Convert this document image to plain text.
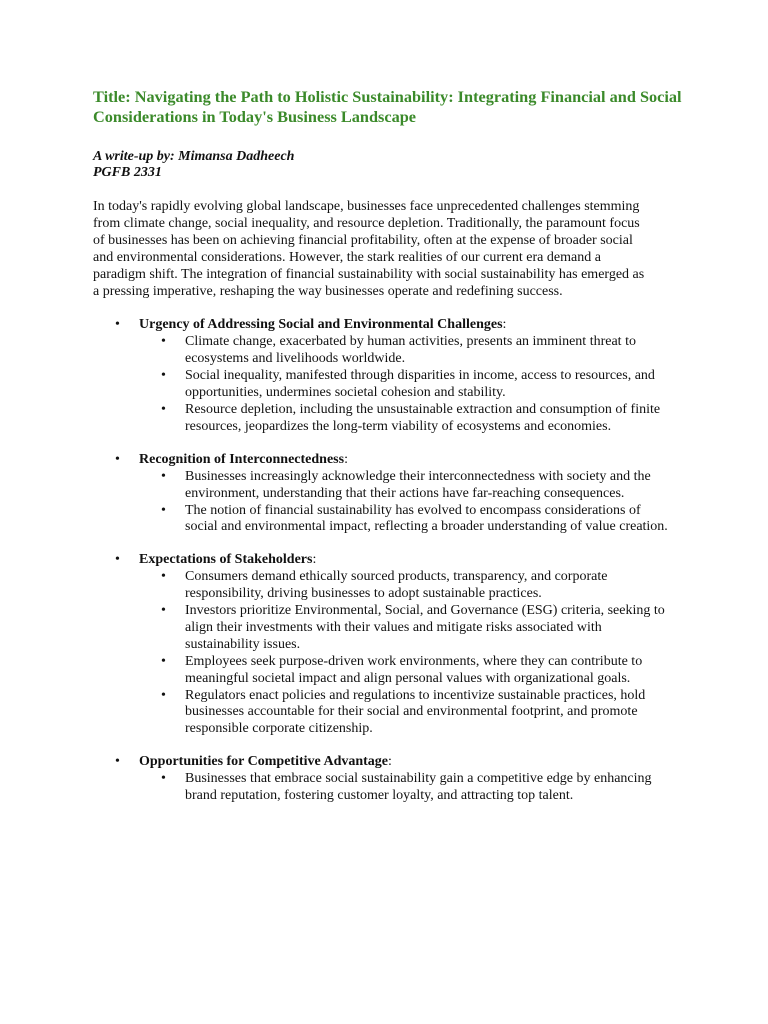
Title: Navigating the Path to Holistic Sustainability: Integrating Financial and Social Considerations in Today's Business Landscape
A write-up by: Mimansa Dadheech
PGFB 2331

In today's rapidly evolving global landscape, businesses face unprecedented challenges stemming from climate change, social inequality, and resource depletion. Traditionally, the paramount focus of businesses has been on achieving financial profitability, often at the expense of broader social and environmental considerations. However, the stark realities of our current era demand a paradigm shift. The integration of financial sustainability with social sustainability has emerged as a pressing imperative, reshaping the way businesses operate and redefining success.

• Urgency of Addressing Social and Environmental Challenges:
• Climate change, exacerbated by human activities, presents an imminent threat to ecosystems and livelihoods worldwide.
• Social inequality, manifested through disparities in income, access to resources, and opportunities, undermines societal cohesion and stability.
• Resource depletion, including the unsustainable extraction and consumption of finite resources, jeopardizes the long-term viability of ecosystems and economies.
• Recognition of Interconnectedness:
• Businesses increasingly acknowledge their interconnectedness with society and the environment, understanding that their actions have far-reaching consequences.
• The notion of financial sustainability has evolved to encompass considerations of social and environmental impact, reflecting a broader understanding of value creation.
• Expectations of Stakeholders:
• Consumers demand ethically sourced products, transparency, and corporate responsibility, driving businesses to adopt sustainable practices.
• Investors prioritize Environmental, Social, and Governance (ESG) criteria, seeking to align their investments with their values and mitigate risks associated with sustainability issues.
• Employees seek purpose-driven work environments, where they can contribute to meaningful societal impact and align personal values with organizational goals.
• Regulators enact policies and regulations to incentivize sustainable practices, hold businesses accountable for their social and environmental footprint, and promote responsible corporate citizenship.
• Opportunities for Competitive Advantage:
• Businesses that embrace social sustainability gain a competitive edge by enhancing brand reputation, fostering customer loyalty, and attracting top talent.
